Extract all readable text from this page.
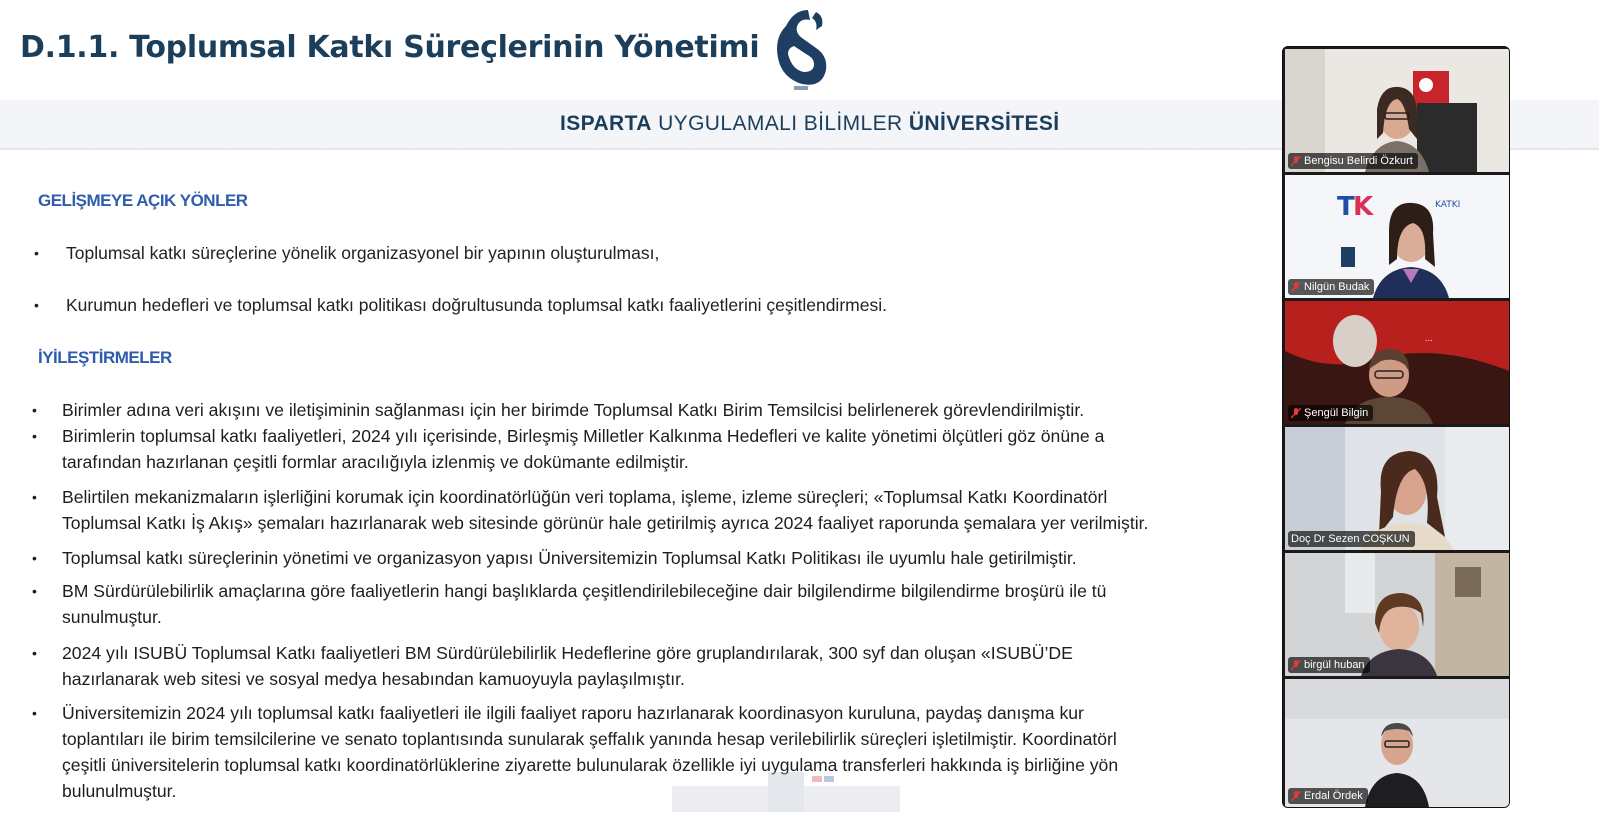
D.1.1. Toplumsal Katkı Süreçlerinin Yönetimi
ISPARTA UYGULAMALI BİLİMLER ÜNİVERSİTESİ
GELİŞMEYE AÇIK YÖNLER
•	Toplumsal katkı süreçlerine yönelik organizasyonel bir yapının oluşturulması,
•	Kurumun hedefleri ve toplumsal katkı politikası doğrultusunda toplumsal katkı faaliyetlerini çeşitlendirmesi.
İYİLEŞTİRMELER
•	Birimler adına veri akışını ve iletişiminin sağlanması için her birimde Toplumsal Katkı Birim Temsilcisi belirlenerek görevlendirilmiştir.
•	Birimlerin toplumsal katkı faaliyetleri, 2024 yılı içerisinde, Birleşmiş Milletler Kalkınma Hedefleri ve kalite yönetimi ölçütleri göz önüne a
tarafından hazırlanan çeşitli formlar aracılığıyla izlenmiş ve dokümante edilmiştir.
•	Belirtilen mekanizmaların işlerliğini korumak için koordinatörlüğün veri toplama, işleme, izleme süreçleri; «Toplumsal Katkı Koordinatörl
Toplumsal Katkı İş Akış» şemaları hazırlanarak web sitesinde görünür hale getirilmiş ayrıca 2024 faaliyet raporunda şemalara yer verilmiştir.
•	Toplumsal katkı süreçlerinin yönetimi ve organizasyon yapısı Üniversitemizin Toplumsal Katkı Politikası ile uyumlu hale getirilmiştir.
•	BM Sürdürülebilirlik amaçlarına göre faaliyetlerin hangi başlıklarda çeşitlendirilebileceğine dair bilgilendirme bilgilendirme broşürü ile tü
sunulmuştur.
•	2024 yılı ISUBÜ Toplumsal Katkı faaliyetleri BM Sürdürülebilirlik Hedeflerine göre gruplandırılarak, 300 syf dan oluşan «ISUBÜ’DE
hazırlanarak web sitesi ve sosyal medya hesabından kamuoyuyla paylaşılmıştır.
•	Üniversitemizin 2024 yılı toplumsal katkı faaliyetleri ile ilgili faaliyet raporu hazırlanarak koordinasyon kuruluna, paydaş danışma kur
toplantıları ile birim temsilcilerine ve senato toplantısında sunularak şeffalık yanında hesap verilebilirlik süreçleri işletilmiştir. Koordinatörl
çeşitli üniversitelerin toplumsal katkı koordinatörlüklerine ziyarette bulunularak özellikle iyi uygulama transferleri hakkında iş birliğine yön
bulunulmuştur.
Bengisu Belirdi Özkurt
T
K	KATKI
Nilgün Budak
...
Şengül Bilgin
Doç Dr Sezen COŞKUN
birgül huban
Erdal Ördek
